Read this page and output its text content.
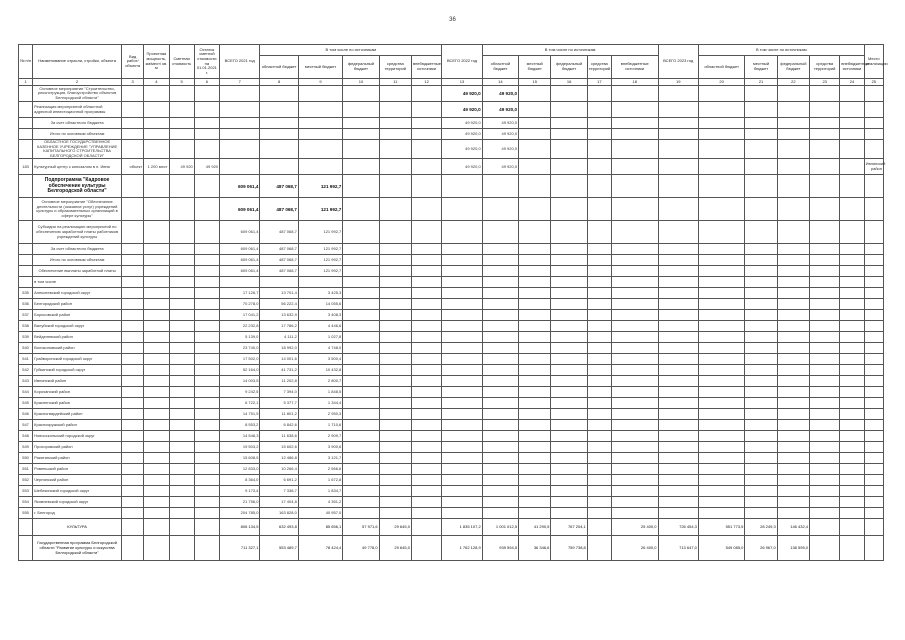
36
№ п/п	Наименование отрасли, стройки, объекта	Вид работ/объекта	Проектная мощность, км/мест/ кв. м	Сметная стоимость	Остаток сметной стоимости на 01.01.2021 г.	ВСЕГО 2021 год	В том числе по источникам					ВСЕГО 2022 год	В том числе по источникам					ВСЕГО 2023 год	В том числе по источникам					Место реализации
							областной бюджет	местный бюджет	федеральный бюджет	средства территорий	внебюджетные источники		областной бюджет	местный бюджет	федеральный бюджет	средства территорий	внебюджетные источники		областной бюджет	местный бюджет	федеральный бюджет	средства территорий	внебюджетные источники	
1	2	3	4	5	6	7	8	9	10	11	12	13	14	15	16	17	18	19	20	21	22	23	24	25
	Основное мероприятие "Строительство, реконструкция, благоустройство объектов Белгородской области"											49 920,0	49 920,0											
	Реализация мероприятий областной адресной инвестиционной программы											49 920,0	49 920,0											
	За счет областного бюджета											49 920,0	49 920,0											
	Итого по основным объектам											49 920,0	49 920,0											
	ОБЛАСТНОЕ ГОСУДАРСТВЕННОЕ КАЗЕННОЕ УЧРЕЖДЕНИЕ "УПРАВЛЕНИЕ КАПИТАЛЬНОГО СТРОИТЕЛЬСТВА БЕЛГОРОДСКОЙ ОБЛАСТИ"											49 920,0	49 920,0											
183	Культурный центр с кинозалом в п. Ивня	объект	1 200 мест	49 920	49 920							49 920,0	49 920,0											Ивнянский район
	Подпрограмма "Кадровое обеспечение культуры Белгородской области"					609 061,4	487 068,7	121 992,7																
	Основное мероприятие "Обеспечение деятельности (оказание услуг) учреждений культуры и образовательных организаций в сфере культуры"					609 061,4	487 068,7	121 992,7																
	Субсидии на реализацию мероприятий по обеспечению заработной платы работников учреждений культуры					609 061,4	487 068,7	121 992,7																
	За счет областного бюджета					609 061,4	487 068,7	121 992,7																
	Итого по основным объектам					609 061,4	487 068,7	121 992,7																
	Обеспечение выплаты заработной платы					609 061,4	487 068,7	121 992,7																
	в том числе																							
535	Алексеевский городской округ					17 126,7	13 701,4	3 425,3																
536	Белгородский район					70 278,0	56 222,4	14 055,6																
537	Борисовский район					17 041,2	13 632,9	3 408,3																
538	Валуйский городской округ					22 232,8	17 786,2	4 446,6																
539	Вейделевский район					5 139,0	4 111,2	1 027,8																
540	Волоконовский район					23 740,0	18 992,0	4 748,0																
541	Грайворонский городской округ					17 502,0	14 001,6	3 500,4																
542	Губкинский городской округ					52 164,0	41 731,2	10 432,8																
543	Ивнянский район					14 003,5	11 202,8	2 800,7																
544	Корочанский район					9 242,5	7 394,0	1 848,5																
545	Красненский район					6 722,1	5 377,7	1 344,4																
546	Красногвардейский район					14 751,5	11 801,2	2 950,3																
547	Краснояружский район					8 553,2	6 842,6	1 710,6																
548	Новооскольский городской округ					14 548,3	11 638,6	2 909,7																
549	Прохоровский район					19 503,2	15 602,6	3 900,6																
550	Ракитянский район					15 608,5	12 486,8	3 121,7																
551	Ровеньский район					12 833,0	10 266,4	2 566,6																
552	Чернянский район					8 364,0	6 691,2	1 672,8																
553	Шебекинский городской округ					9 173,4	7 338,7	1 834,7																
554	Яковлевский городской округ					21 756,0	17 404,8	4 351,2																
555	г. Белгород					204 785,0	163 828,0	40 957,0																
	КУЛЬТУРА					806 134,5	632 493,8	85 656,1	57 971,6	29 645,0		1 835 107,2	1 001 012,5	41 290,5	767 204,1		25 400,0	726 454,3	551 773,5	28 249,3	146 432,4			
	Государственная программа Белгородской области "Развитие культуры и искусства Белгородской области"					711 327,1	553 489,7	78 424,4	49 778,0	29 645,0		1 762 128,9	939 594,5	36 346,6	759 738,8		26 400,0	713 647,0	549 085,0	26 967,0	138 595,0			
